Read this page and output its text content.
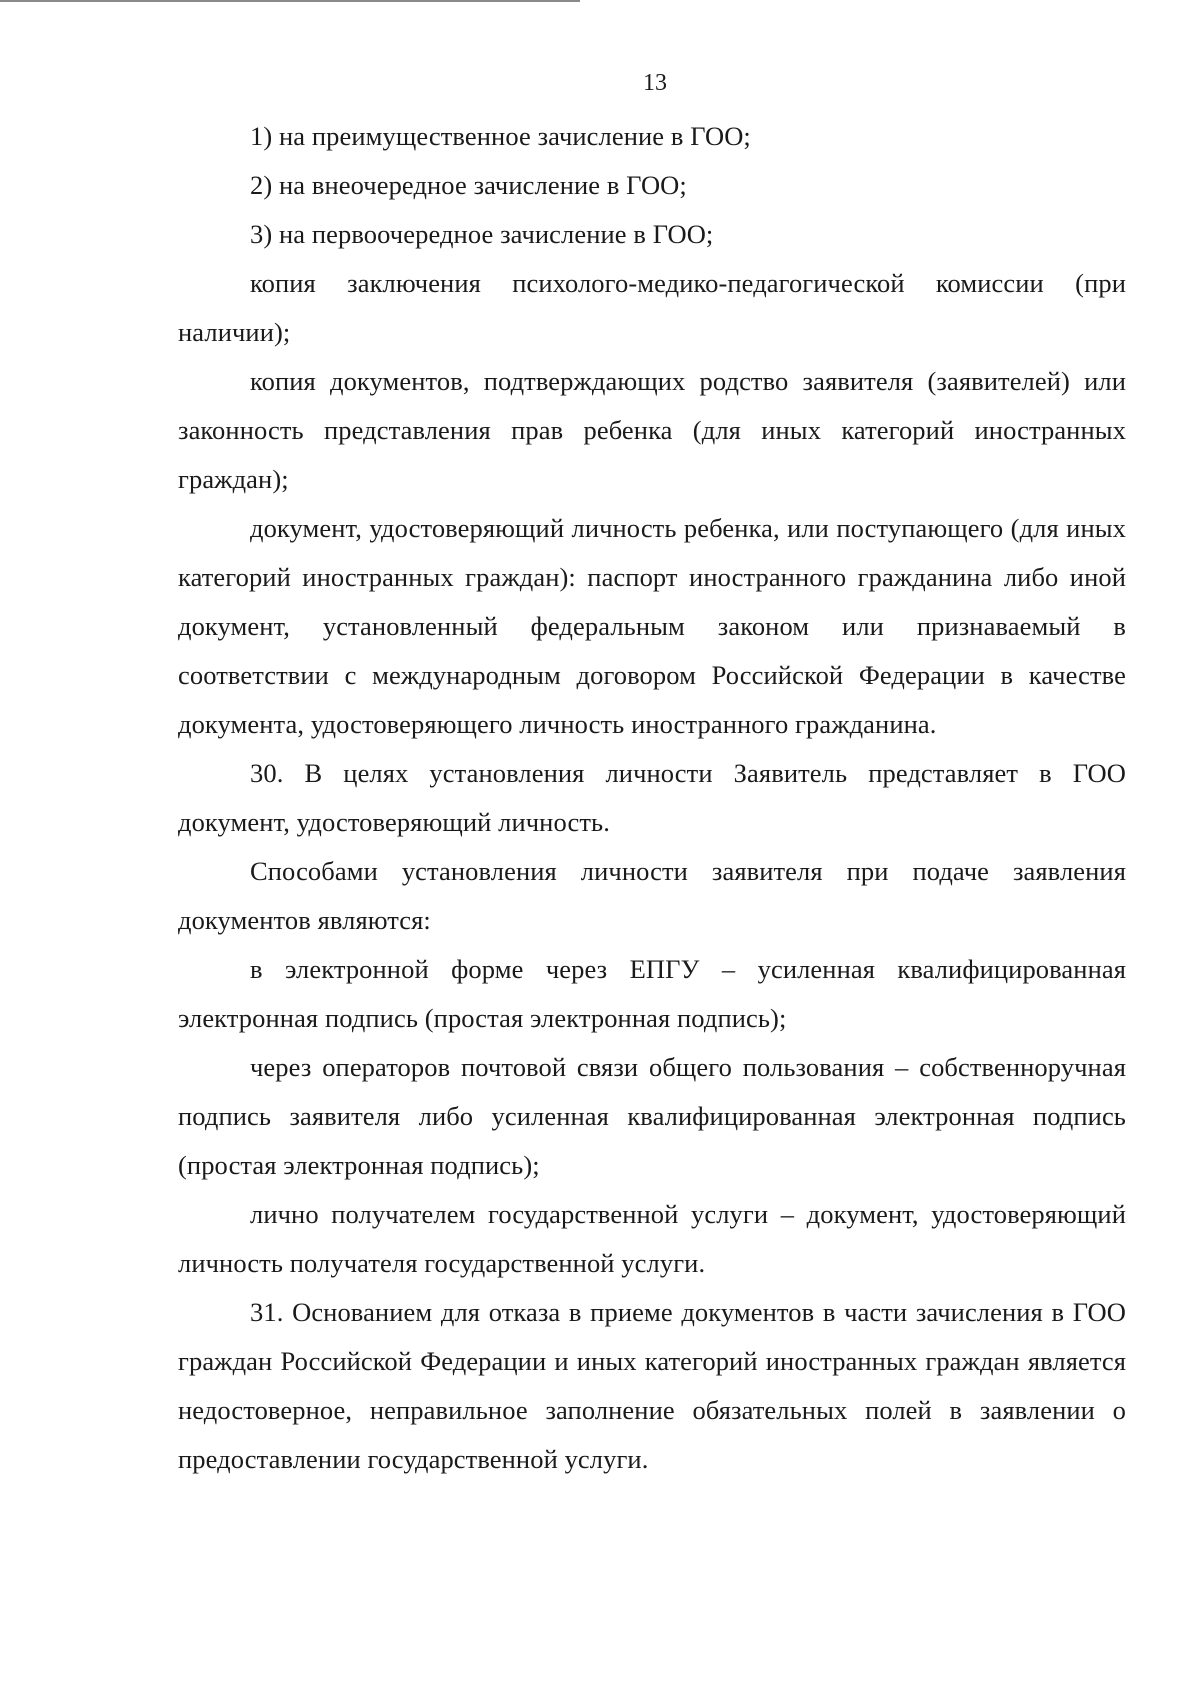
13

1) на преимущественное зачисление в ГОО;

2) на внеочередное зачисление в ГОО;

3) на первоочередное зачисление в ГОО;

копия заключения психолого-медико-педагогической комиссии (при наличии);

копия документов, подтверждающих родство заявителя (заявителей) или законность представления прав ребенка (для иных категорий иностранных граждан);

документ, удостоверяющий личность ребенка, или поступающего (для иных категорий иностранных граждан): паспорт иностранного гражданина либо иной документ, установленный федеральным законом или признаваемый в соответствии с международным договором Российской Федерации в качестве документа, удостоверяющего личность иностранного гражданина.

30. В целях установления личности Заявитель представляет в ГОО документ, удостоверяющий личность.

Способами установления личности заявителя при подаче заявления документов являются:

в электронной форме через ЕПГУ – усиленная квалифицированная электронная подпись (простая электронная подпись);

через операторов почтовой связи общего пользования – собственноручная подпись заявителя либо усиленная квалифицированная электронная подпись (простая электронная подпись);

лично получателем государственной услуги – документ, удостоверяющий личность получателя государственной услуги.

31. Основанием для отказа в приеме документов в части зачисления в ГОО граждан Российской Федерации и иных категорий иностранных граждан является недостоверное, неправильное заполнение обязательных полей в заявлении о предоставлении государственной услуги.
